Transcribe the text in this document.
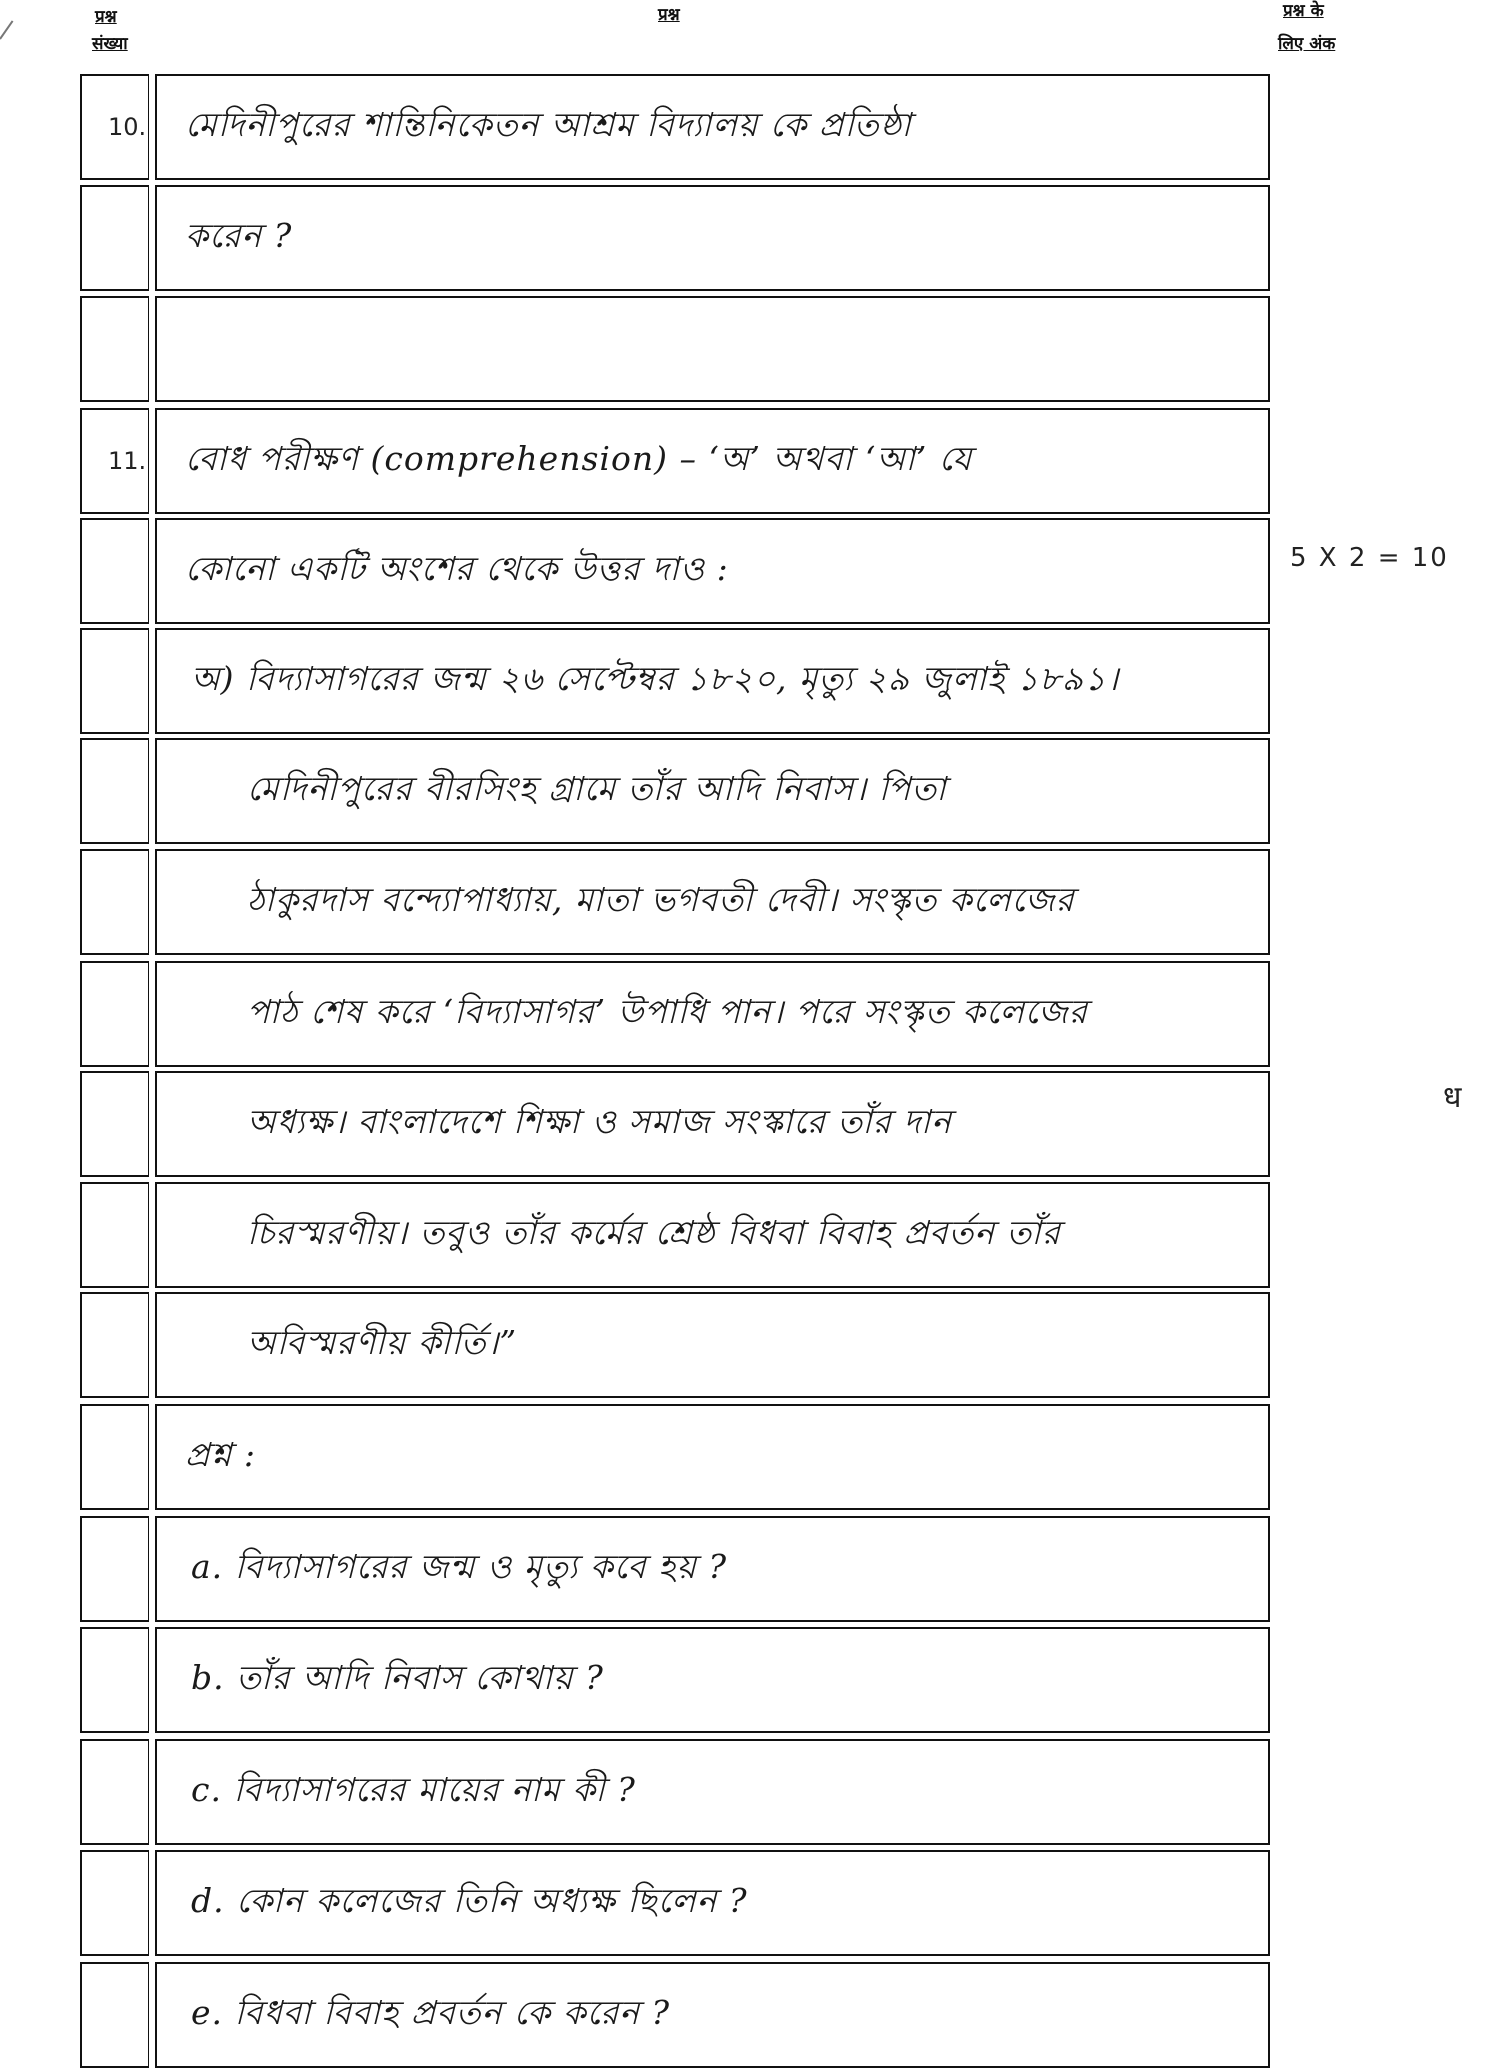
प्रश्न
संख्या
प्रश्न	प्रश्न के
लिए अंक
10. মেদিনীপুরের শান্তিনিকেতন আশ্রম বিদ্যালয় কে প্রতিষ্ঠা
করেন ?
11. বোধ পরীক্ষণ (comprehension) – ‘অ’ অথবা ‘আ’ যে
কোনো একটি অংশের থেকে উত্তর দাও :
অ) বিদ্যাসাগরের জন্ম ২৬ সেপ্টেম্বর ১৮২০, মৃত্যু ২৯ জুলাই ১৮৯১।
মেদিনীপুরের বীরসিংহ গ্রামে তাঁর আদি নিবাস। পিতা
ঠাকুরদাস বন্দ্যোপাধ্যায়, মাতা ভগবতী দেবী। সংস্কৃত কলেজের
পাঠ শেষ করে ‘বিদ্যাসাগর’ উপাধি পান। পরে সংস্কৃত কলেজের
অধ্যক্ষ। বাংলাদেশে শিক্ষা ও সমাজ সংস্কারে তাঁর দান
চিরস্মরণীয়। তবুও তাঁর কর্মের শ্রেষ্ঠ বিধবা বিবাহ প্রবর্তন তাঁর
অবিস্মরণীয় কীর্তি।”
প্রশ্ন :
a. বিদ্যাসাগরের জন্ম ও মৃত্যু কবে হয় ?
b. তাঁর আদি নিবাস কোথায় ?
c. বিদ্যাসাগরের মায়ের নাম কী ?
d. কোন কলেজের তিনি অধ্যক্ষ ছিলেন ?
e. বিধবা বিবাহ প্রবর্তন কে করেন ?
5 X 2 = 10
ध
